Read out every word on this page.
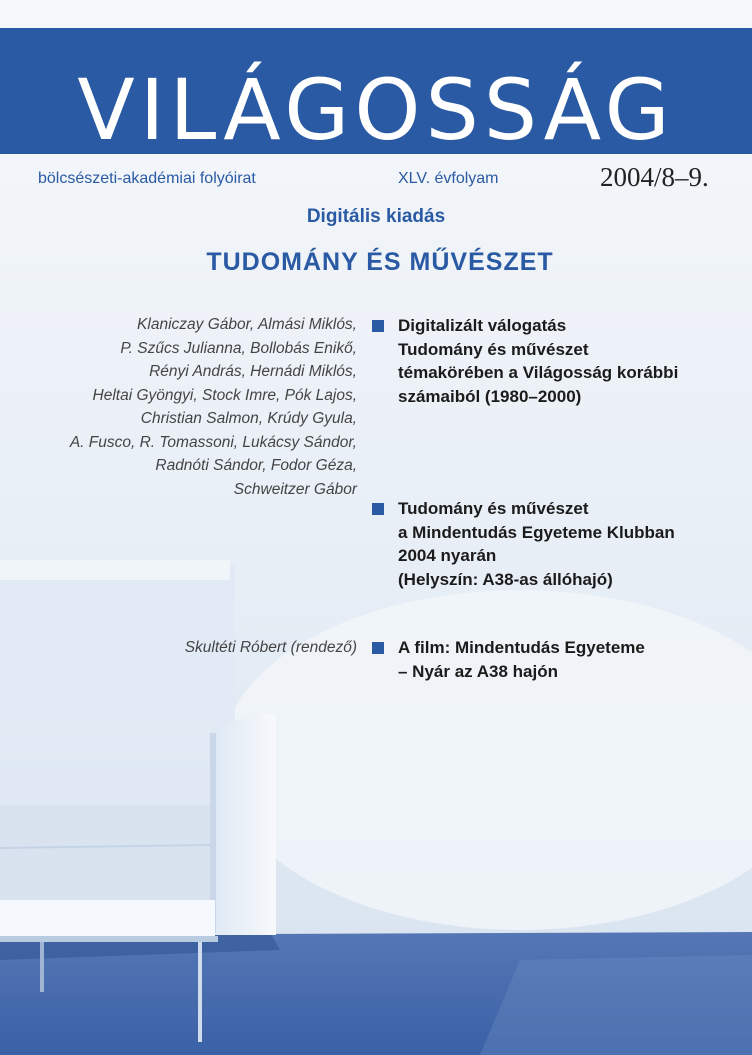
VILÁGOSSÁG
bölcsészeti-akadémiai folyóirat	XLV. évfolyam	2004/8–9.
Digitális kiadás
TUDOMÁNY ÉS MŰVÉSZET

Klaniczay Gábor, Almási Miklós,
P. Szűcs Julianna, Bollobás Enikő,
Rényi András, Hernádi Miklós,
Heltai Gyöngyi, Stock Imre, Pók Lajos,
Christian Salmon, Krúdy Gyula,
A. Fusco, R. Tomassoni, Lukácsy Sándor,
Radnóti Sándor, Fodor Géza,
Schweitzer Gábor

Digitalizált válogatás
Tudomány és művészet
témakörében a Világosság korábbi
számaiból (1980–2000)
Tudomány és művészet
a Mindentudás Egyeteme Klubban
2004 nyarán
(Helyszín: A38-as állóhajó)

Skultéti Róbert (rendező) A film: Mindentudás Egyeteme
– Nyár az A38 hajón
